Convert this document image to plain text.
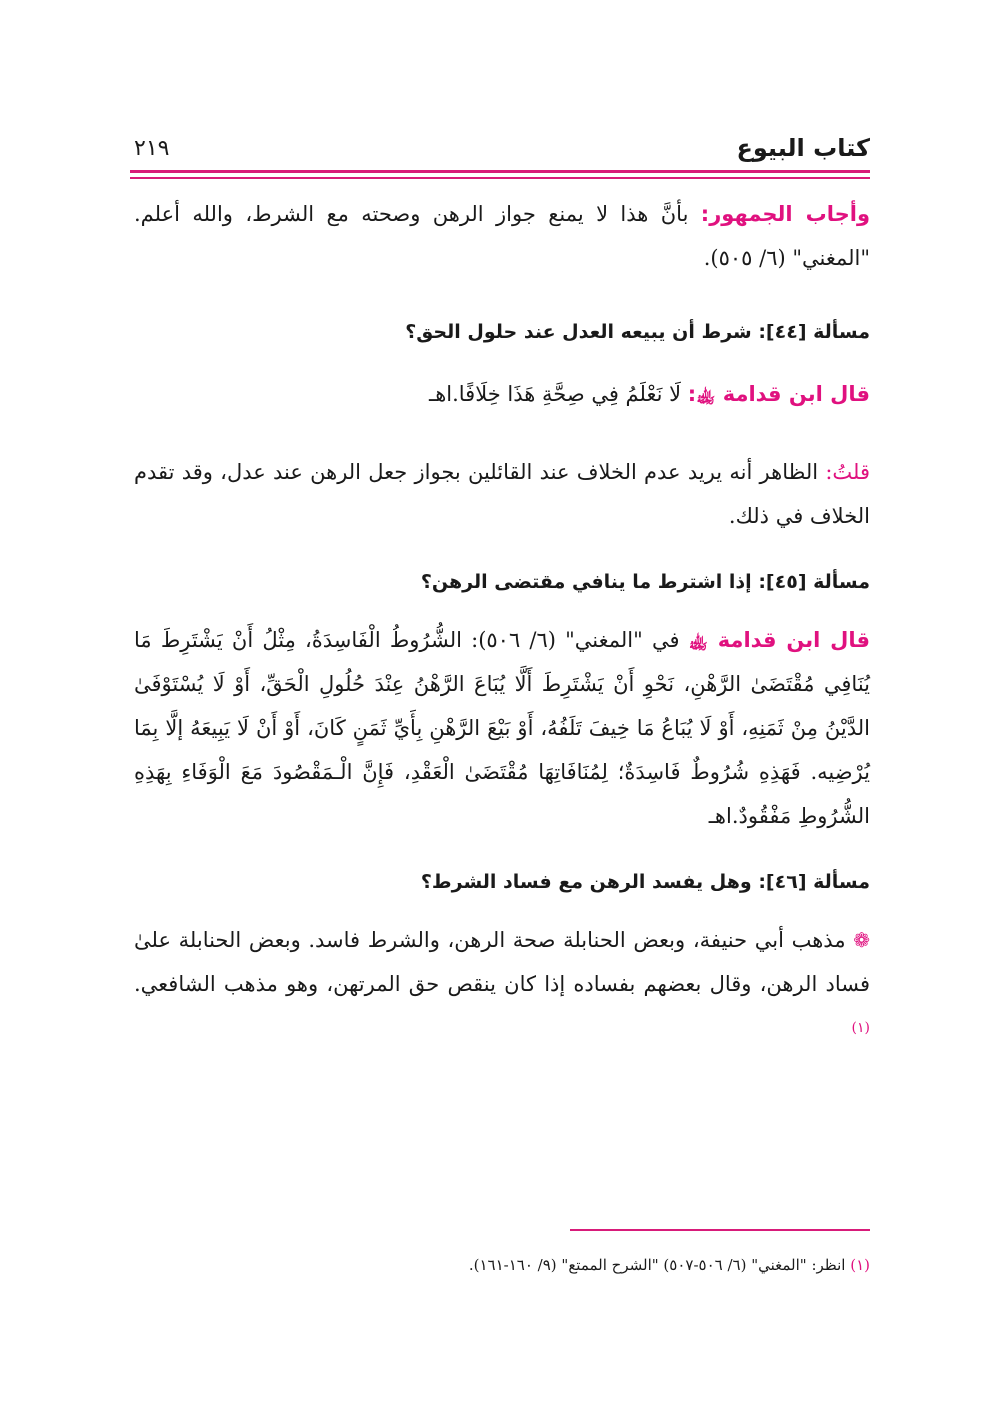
كتاب البيوع
٢١٩

وأجاب الجمهور: بأنَّ هذا لا يمنع جواز الرهن وصحته مع الشرط، والله أعلم. "المغني" (٦/ ٥٠٥).

مسألة [٤٤]: شرط أن يبيعه العدل عند حلول الحق؟

قال ابن قدامة ﵀: لَا نَعْلَمُ فِي صِحَّةِ هَذَا خِلَافًا.اهـ

قلتُ: الظاهر أنه يريد عدم الخلاف عند القائلين بجواز جعل الرهن عند عدل، وقد تقدم الخلاف في ذلك.

مسألة [٤٥]: إذا اشترط ما ينافي مقتضى الرهن؟

قال ابن قدامة ﵀ في "المغني" (٦/ ٥٠٦): الشُّرُوطُ الْفَاسِدَةُ، مِثْلُ أَنْ يَشْتَرِطَ مَا يُنَافِي مُقْتَضَىٰ الرَّهْنِ، نَحْوِ أَنْ يَشْتَرِطَ أَلَّا يُبَاعَ الرَّهْنُ عِنْدَ حُلُولِ الْحَقِّ، أَوْ لَا يُسْتَوْفَىٰ الدَّيْنُ مِنْ ثَمَنِهِ، أَوْ لَا يُبَاعُ مَا خِيفَ تَلَفُهُ، أَوْ بَيْعَ الرَّهْنِ بِأَيِّ ثَمَنٍ كَانَ، أَوْ أَنْ لَا يَبِيعَهُ إلَّا بِمَا يُرْضِيه. فَهَذِهِ شُرُوطٌ فَاسِدَةٌ؛ لِمُنَافَاتِهَا مُقْتَضَىٰ الْعَقْدِ، فَإِنَّ الْـمَقْصُودَ مَعَ الْوَفَاءِ بِهَذِهِ الشُّرُوطِ مَفْقُودٌ.اهـ

مسألة [٤٦]: وهل يفسد الرهن مع فساد الشرط؟

❁ مذهب أبي حنيفة، وبعض الحنابلة صحة الرهن، والشرط فاسد. وبعض الحنابلة علىٰ فساد الرهن، وقال بعضهم بفساده إذا كان ينقص حق المرتهن، وهو مذهب الشافعي.$^{(١)}$

(١) انظر: "المغني" (٦/ ٥٠٦-٥٠٧) "الشرح الممتع" (٩/ ١٦٠-١٦١).
